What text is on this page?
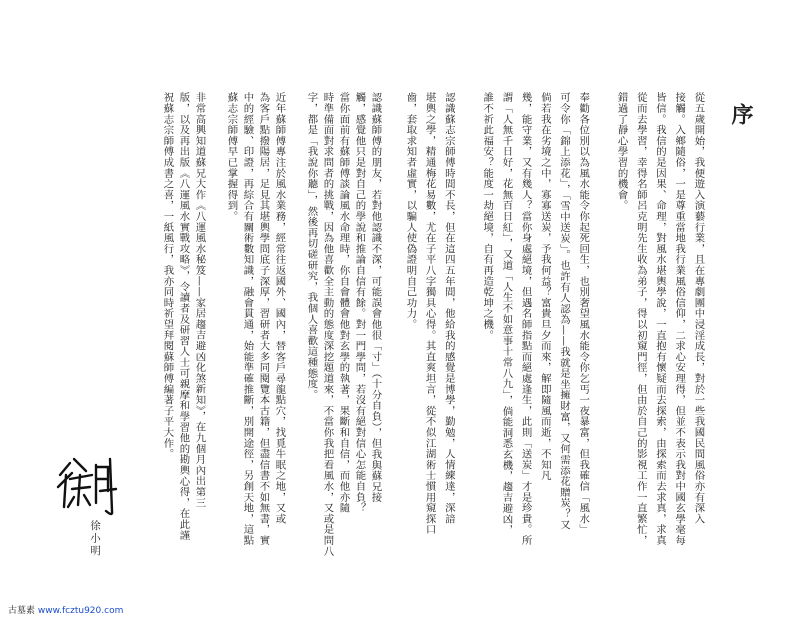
序
從五歲開始，我便遊入演藝行業，且在專劇團中浸淫成長，對於一些我國民間風俗亦有深入
接觸。入鄉隨俗，一是尊重當地我行業風俗信仰，二求心安理得，但並不表示我對中國玄學毫每
皆信。我信的是因果、命理，對風水堪輿學說，一直抱有懷疑而去探索，由探索而去求真，求真
從而去學習，幸得名師呂克明先生收為弟子，得以初窺門徑，但由於自己的影視工作一直繁忙，
錯過了靜心學習的機會。
奉勸各位別以為風水能令你起死回生，也別奢望風水能令你乞丐一夜暴富，但我確信「風水」
可令你「錦上添花」，「雪中送炭」。也許有人認為——我就是坐擁財富，又何需添花贈炭？又
倘若我在劣境之中，寡寡送炭，予我何益？富貴旦夕而來，解即隨風而逝，不知凡
幾，能守業，又有幾人？當你身處絕境，但遇名師指點而絕處逢生，此則「送炭」才是珍貴。所
謂「人無千日好，花無百日紅」，又道「人生不如意事十常八九」，倘能洞悉玄機，趨吉避凶，
誰不祈此福安？能度一劫絕境，自有再造乾坤之機。
認識蘇志宗師傅時間不長，但在這四五年間，他給我的感覺是博學，勤勉，人情練達，深諳
堪輿之學，精通梅花易數，尤在子平八字獨具心得。其直爽坦言，從不似江湖術士慣用窺探口
齒，套取求知者虛實，以騙人使偽證明自己功力。
認識蘇師傅的朋友，若對他認識不深，可能誤會他很「寸」（十分自負），但我與蘇兄接
觸，感覺他只是對自己的學說和推論自信有餘。對一門學問，若沒有絕對信心怎能自負？
當你面前有蘇師傅談論風水命理時，你自會體會他對玄學的執著，果斷和自信，而他亦隨
時準備面對求問者的挑戰，因為他喜歡全主動的態度深挖題道來，不當你我把看風水，又或是問八
字，都是「我說你聽」，然後再切磋研究，我個人喜歡這種態度。
近年蘇師傅專注於風水業務，經常往返國外、國內，替客戶尋龍點穴，找覓牛眠之地，又或
為客戶點撥陽居，足見其堪輿學問底子深厚，習研者大多同閱覽本古籍，但盡信書不如無書，實
中的經驗、印證，再綜合有關術數知識，融會貫通，始能準確推斷，別開途徑，另創天地，這點
蘇志宗師傅早已掌握得到。
非常高興知道蘇兄大作《八運風水秘笈——家居趨吉避凶化煞新知》，在九個月內出第三
版，以及再出版《八運風水實戰攻略》，令讀者及研習人士可親摩和學習他的勘輿心得，在此謹
祝蘇志宗師傅成書之喜，一紙風行，我亦同時祈望拜閱蘇師傅編著子平大作。
徐小明
古墓素 www.fcztu920.com
